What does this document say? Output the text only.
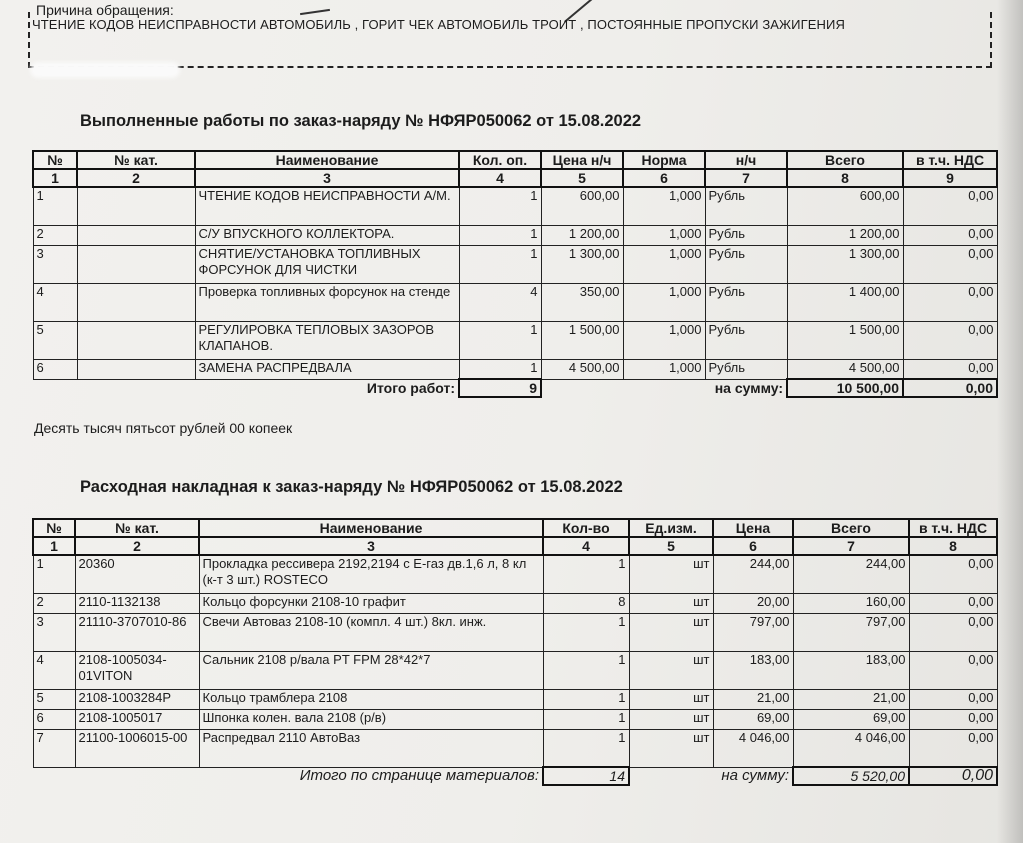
Причина обращения:
ЧТЕНИЕ КОДОВ НЕИСПРАВНОСТИ АВТОМОБИЛЬ , ГОРИТ ЧЕК АВТОМОБИЛЬ ТРОИТ , ПОСТОЯННЫЕ ПРОПУСКИ ЗАЖИГЕНИЯ
Выполненные работы по заказ-наряду № НФЯР050062 от 15.08.2022
№	№ кат.	Наименование	Кол. оп.	Цена н/ч	Норма	н/ч	Всего	в т.ч. НДС
1	2	3	4	5	6	7	8	9
1		ЧТЕНИЕ КОДОВ НЕИСПРАВНОСТИ А/М.	1	600,00	1,000	Рубль	600,00	0,00
2		С/У ВПУСКНОГО КОЛЛЕКТОРА.	1	1 200,00	1,000	Рубль	1 200,00	0,00
3		СНЯТИЕ/УСТАНОВКА ТОПЛИВНЫХ ФОРСУНОК ДЛЯ ЧИСТКИ	1	1 300,00	1,000	Рубль	1 300,00	0,00
4		Проверка топливных форсунок на стенде	4	350,00	1,000	Рубль	1 400,00	0,00
5		РЕГУЛИРОВКА ТЕПЛОВЫХ ЗАЗОРОВ КЛАПАНОВ.	1	1 500,00	1,000	Рубль	1 500,00	0,00
6		ЗАМЕНА РАСПРЕДВАЛА	1	4 500,00	1,000	Рубль	4 500,00	0,00
Итого работ:			9	на сумму:			10 500,00	0,00
Десять тысяч пятьсот рублей 00 копеек
Расходная накладная к заказ-наряду № НФЯР050062 от 15.08.2022
№	№ кат.	Наименование	Кол-во	Ед.изм.	Цена	Всего	в т.ч. НДС
1	2	3	4	5	6	7	8
1	20360	Прокладка рессивера 2192,2194 с Е-газ дв.1,6 л, 8 кл (к-т 3 шт.) ROSTECO	1	шт	244,00	244,00	0,00
2	2110-1132138	Кольцо форсунки 2108-10 графит	8	шт	20,00	160,00	0,00
3	21110-3707010-86	Свечи Автоваз 2108-10 (компл. 4 шт.) 8кл. инж.	1	шт	797,00	797,00	0,00
4	2108-1005034-01VITON	Сальник 2108 р/вала PT FPM 28*42*7	1	шт	183,00	183,00	0,00
5	2108-1003284P	Кольцо трамблера 2108	1	шт	21,00	21,00	0,00
6	2108-1005017	Шпонка колен. вала 2108 (р/в)	1	шт	69,00	69,00	0,00
7	21100-1006015-00	Распредвал 2110 АвтоВаз	1	шт	4 046,00	4 046,00	0,00
Итого по странице материалов:			14	на сумму:		5 520,00	0,00
